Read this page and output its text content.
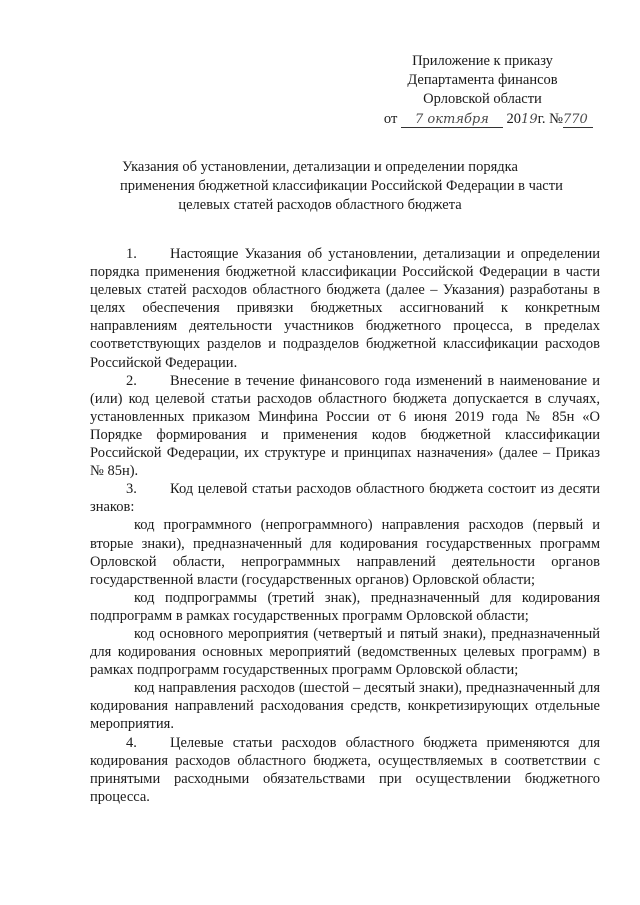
Приложение к приказу
Департамента финансов
Орловской области
от 7 октября 2019г. №770
Указания об установлении, детализации и определении порядка
применения бюджетной классификации Российской Федерации в части
целевых статей расходов областного бюджета

1. Настоящие Указания об установлении, детализации и определении порядка применения бюджетной классификации Российской Федерации в части целевых статей расходов областного бюджета (далее – Указания) разработаны в целях обеспечения привязки бюджетных ассигнований к конкретным направлениям деятельности участников бюджетного процесса, в пределах соответствующих разделов и подразделов бюджетной классификации расходов Российской Федерации.

2. Внесение в течение финансового года изменений в наименование и (или) код целевой статьи расходов областного бюджета допускается в случаях, установленных приказом Минфина России от 6 июня 2019 года № 85н «О Порядке формирования и применения кодов бюджетной классификации Российской Федерации, их структуре и принципах назначения» (далее – Приказ № 85н).

3. Код целевой статьи расходов областного бюджета состоит из десяти знаков:

код программного (непрограммного) направления расходов (первый и вторые знаки), предназначенный для кодирования государственных программ Орловской области, непрограммных направлений деятельности органов государственной власти (государственных органов) Орловской области;

код подпрограммы (третий знак), предназначенный для кодирования подпрограмм в рамках государственных программ Орловской области;

код основного мероприятия (четвертый и пятый знаки), предназначенный для кодирования основных мероприятий (ведомственных целевых программ) в рамках подпрограмм государственных программ Орловской области;

код направления расходов (шестой – десятый знаки), предназначенный для кодирования направлений расходования средств, конкретизирующих отдельные мероприятия.

4. Целевые статьи расходов областного бюджета применяются для кодирования расходов областного бюджета, осуществляемых в соответствии с принятыми расходными обязательствами при осуществлении бюджетного процесса.
